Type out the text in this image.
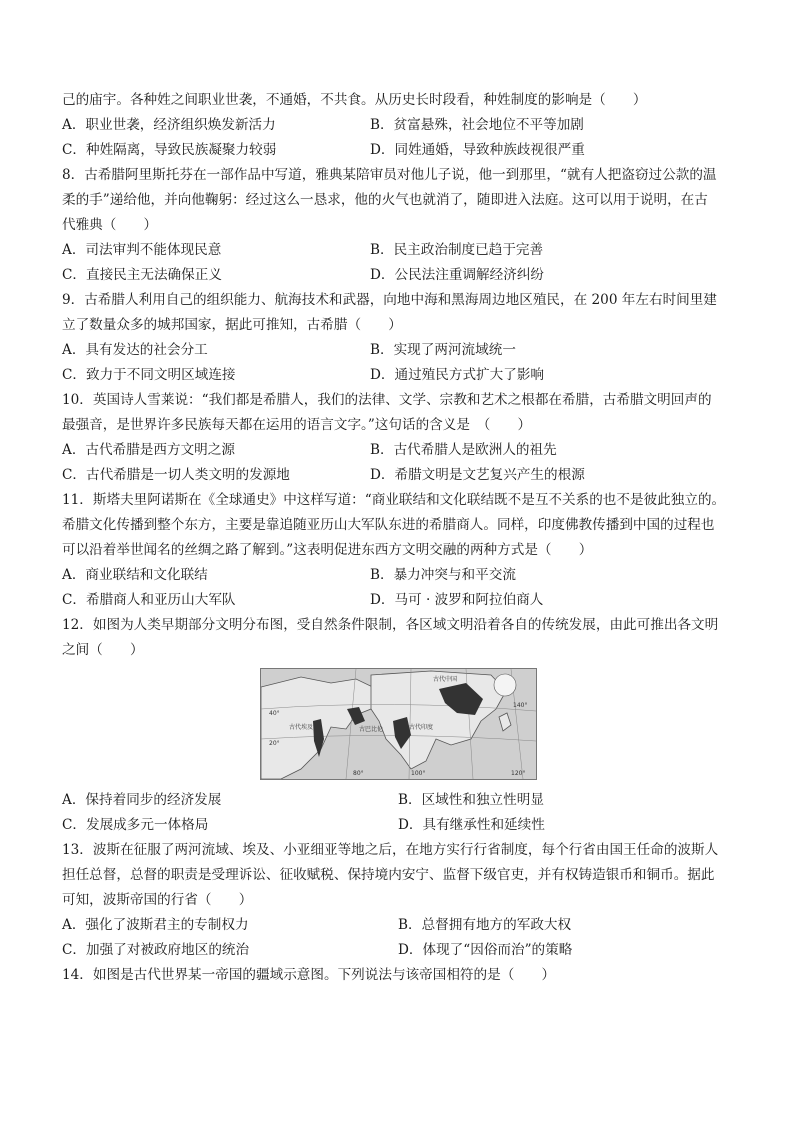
己的庙宇。各种姓之间职业世袭，不通婚，不共食。从历史长时段看，种姓制度的影响是（　　）
A．职业世袭，经济组织焕发新活力	B．贫富悬殊，社会地位不平等加剧
C．种姓隔离，导致民族凝聚力较弱	D．同姓通婚，导致种族歧视很严重
8．古希腊阿里斯托芬在一部作品中写道，雅典某陪审员对他儿子说，他一到那里，“就有人把盗窃过公款的温
柔的手”递给他，并向他鞠躬：经过这么一恳求，他的火气也就消了，随即进入法庭。这可以用于说明，在古
代雅典（　　）
A．司法审判不能体现民意	B．民主政治制度已趋于完善
C．直接民主无法确保正义	D．公民法注重调解经济纠纷
9．古希腊人利用自己的组织能力、航海技术和武器，向地中海和黑海周边地区殖民，在 200 年左右时间里建
立了数量众多的城邦国家，据此可推知，古希腊（　　）
A．具有发达的社会分工	B．实现了两河流域统一
C．致力于不同文明区域连接	D．通过殖民方式扩大了影响
10．英国诗人雪莱说：“我们都是希腊人，我们的法律、文学、宗教和艺术之根都在希腊，古希腊文明回声的
最强音，是世界许多民族每天都在运用的语言文字。”这句话的含义是　（　　）
A．古代希腊是西方文明之源	B．古代希腊人是欧洲人的祖先
C．古代希腊是一切人类文明的发源地	D．希腊文明是文艺复兴产生的根源
11．斯塔夫里阿诺斯在《全球通史》中这样写道：“商业联结和文化联结既不是互不关系的也不是彼此独立的。
希腊文化传播到整个东方，主要是靠追随亚历山大军队东进的希腊商人。同样，印度佛教传播到中国的过程也
可以沿着举世闻名的丝绸之路了解到。”这表明促进东西方文明交融的两种方式是（　　）
A．商业联结和文化联结	B．暴力冲突与和平交流
C．希腊商人和亚历山大军队	D．马可 · 波罗和阿拉伯商人
12．如图为人类早期部分文明分布图，受自然条件限制，各区域文明沿着各自的传统发展，由此可推出各文明
之间（　　）
古代埃及	古巴比伦	古代印度
古代中国
20°
40°
80°	100°	120°
140°
A．保持着同步的经济发展	B．区域性和独立性明显
C．发展成多元一体格局	D．具有继承性和延续性
13．波斯在征服了两河流域、埃及、小亚细亚等地之后，在地方实行行省制度，每个行省由国王任命的波斯人
担任总督，总督的职责是受理诉讼、征收赋税、保持境内安宁、监督下级官吏，并有权铸造银币和铜币。据此
可知，波斯帝国的行省（　　）
A．强化了波斯君主的专制权力	B．总督拥有地方的军政大权
C．加强了对被政府地区的统治	D．体现了“因俗而治”的策略
14．如图是古代世界某一帝国的疆域示意图。下列说法与该帝国相符的是（　　）
